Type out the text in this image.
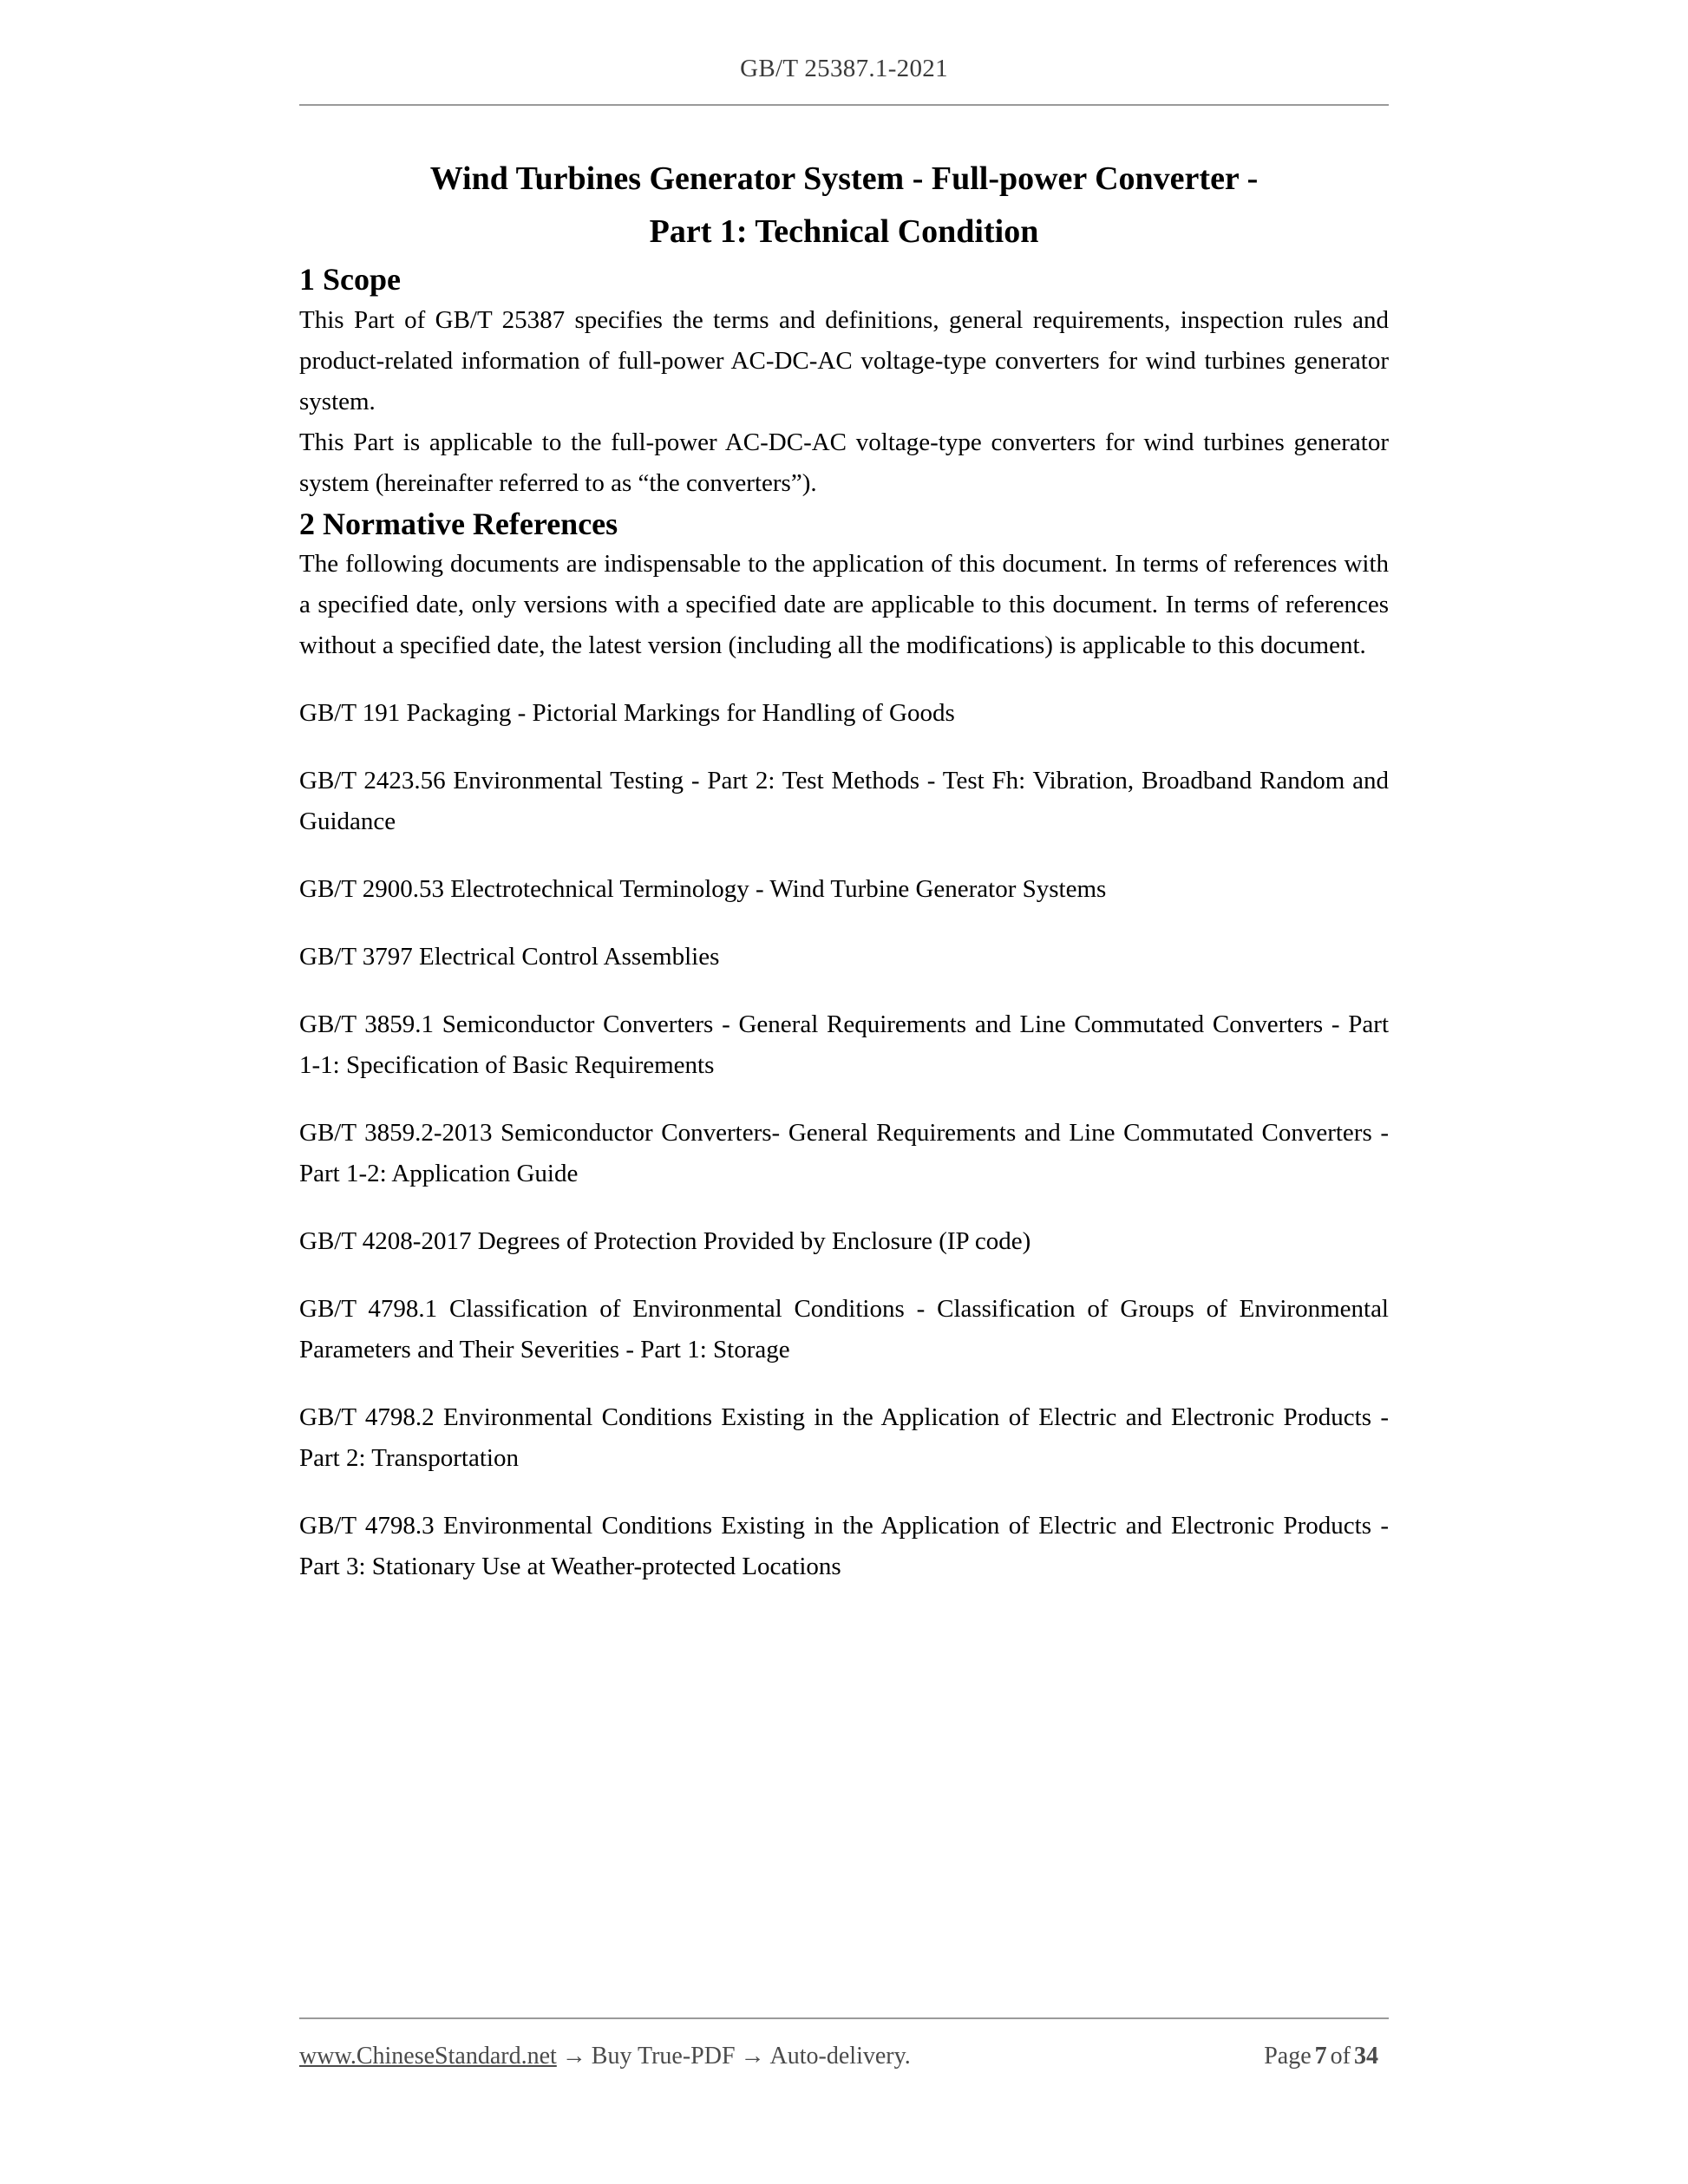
GB/T 25387.1-2021
Wind Turbines Generator System - Full-power Converter -
Part 1: Technical Condition
1 Scope

This Part of GB/T 25387 specifies the terms and definitions, general requirements, inspection rules and product-related information of full-power AC-DC-AC voltage-type converters for wind turbines generator system.

This Part is applicable to the full-power AC-DC-AC voltage-type converters for wind turbines generator system (hereinafter referred to as “the converters”).

2 Normative References

The following documents are indispensable to the application of this document. In terms of references with a specified date, only versions with a specified date are applicable to this document. In terms of references without a specified date, the latest version (including all the modifications) is applicable to this document.

GB/T 191 Packaging - Pictorial Markings for Handling of Goods

GB/T 2423.56 Environmental Testing - Part 2: Test Methods - Test Fh: Vibration, Broadband Random and Guidance

GB/T 2900.53 Electrotechnical Terminology - Wind Turbine Generator Systems

GB/T 3797 Electrical Control Assemblies

GB/T 3859.1 Semiconductor Converters - General Requirements and Line Commutated Converters - Part 1-1: Specification of Basic Requirements

GB/T 3859.2-2013 Semiconductor Converters- General Requirements and Line Commutated Converters - Part 1-2: Application Guide

GB/T 4208-2017 Degrees of Protection Provided by Enclosure (IP code)

GB/T 4798.1 Classification of Environmental Conditions - Classification of Groups of Environmental Parameters and Their Severities - Part 1: Storage

GB/T 4798.2 Environmental Conditions Existing in the Application of Electric and Electronic Products - Part 2: Transportation

GB/T 4798.3 Environmental Conditions Existing in the Application of Electric and Electronic Products - Part 3: Stationary Use at Weather-protected Locations

www.ChineseStandard.net → Buy True-PDF → Auto-delivery.	Page 7 of 34
